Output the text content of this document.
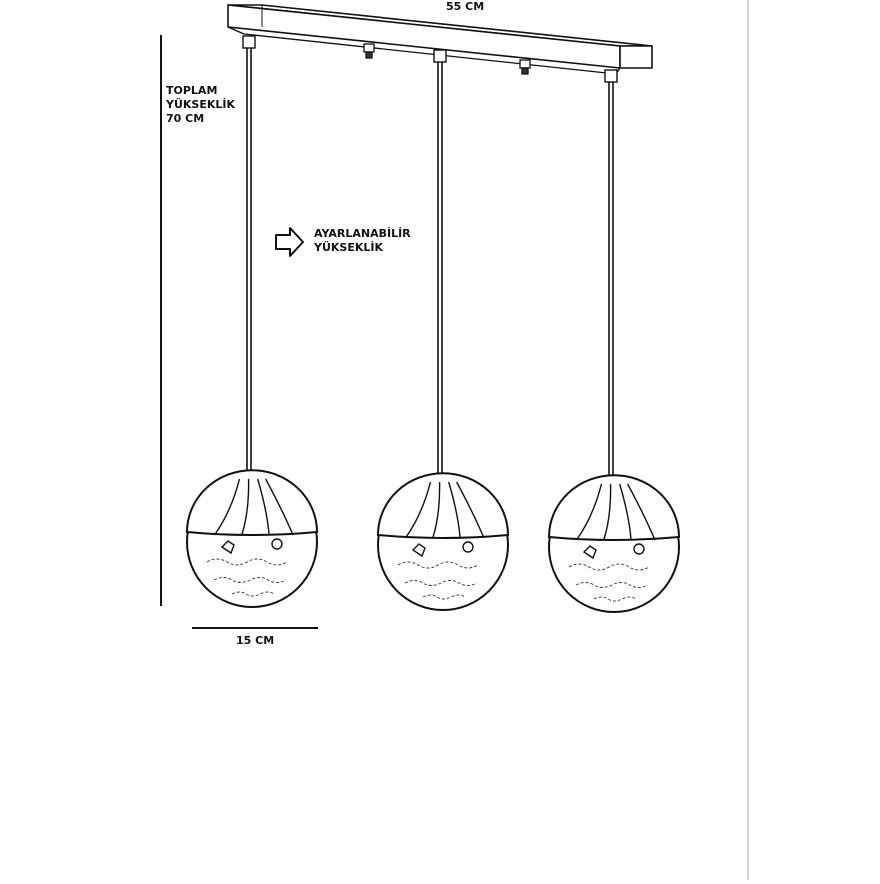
55 CM
TOPLAM
YÜKSEKLİK
70 CM
AYARLANABİLİR
YÜKSEKLİK
15 CM
